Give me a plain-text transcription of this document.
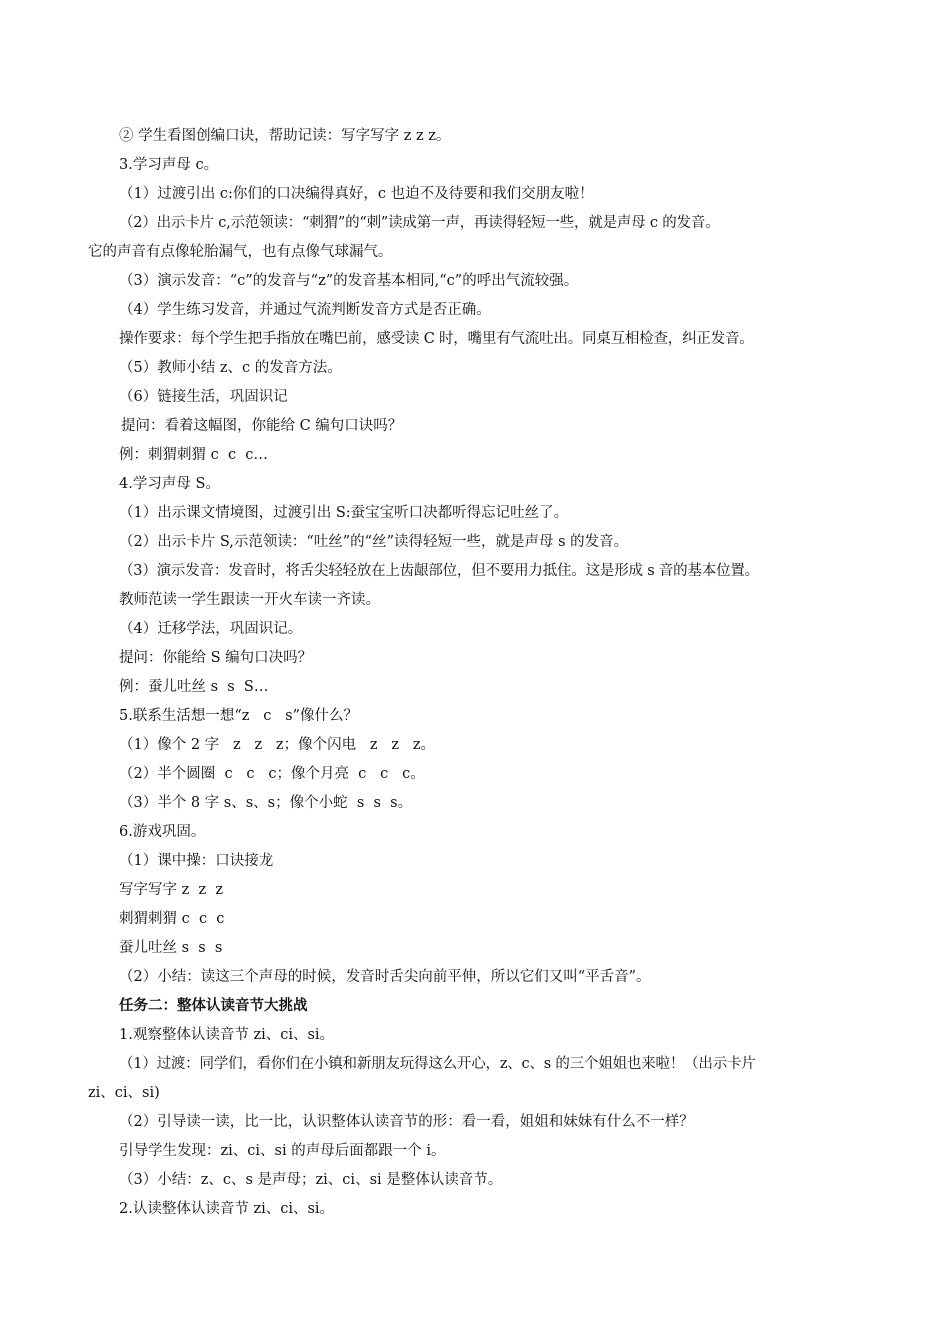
② 学生看图创编口诀，帮助记读：写字写字 z z z。
3.学习声母 c。
（1）过渡引出 c:你们的口决编得真好，c 也迫不及待要和我们交朋友啦！
（2）出示卡片 c,示范领读：“刺猬”的“刺”读成第一声，再读得轻短一些，就是声母 c 的发音。
它的声音有点像轮胎漏气，也有点像气球漏气。
（3）演示发音：“c”的发音与“z”的发音基本相同,“c”的呼出气流较强。
（4）学生练习发音，并通过气流判断发音方式是否正确。
操作要求：每个学生把手指放在嘴巴前，感受读 C 时，嘴里有气流吐出。同桌互相检查，纠正发音。
（5）教师小结 z、c 的发音方法。
（6）链接生活，巩固识记
提问：看着这幅图，你能给 C 编句口诀吗？
例：刺猬刺猬 c  c  c…
4.学习声母 S。
（1）出示课文情境图，过渡引出 S:蚕宝宝听口决都听得忘记吐丝了。
（2）出示卡片 S,示范领读：“吐丝”的“丝”读得轻短一些，就是声母 s 的发音。
（3）演示发音：发音时，将舌尖轻轻放在上齿龈部位，但不要用力抵住。这是形成 s 音的基本位置。
教师范读一学生跟读一开火车读一齐读。
（4）迁移学法，巩固识记。
提问：你能给 S 编句口决吗？
例：蚕儿吐丝 s  s  S…
5.联系生活想一想“z   c   s”像什么？
（1）像个 2 字   z   z   z；像个闪电   z   z   z。
（2）半个圆圈  c   c   c；像个月亮  c   c   c。
（3）半个 8 字 s、s、s；像个小蛇  s  s  s。
6.游戏巩固。
（1）课中操：口诀接龙
写字写字 z  z  z
刺猬刺猬 c  c  c
蚕儿吐丝 s  s  s
（2）小结：读这三个声母的时候，发音时舌尖向前平伸，所以它们又叫“平舌音”。
任务二：整体认读音节大挑战
1.观察整体认读音节 zi、ci、si。
（1）过渡：同学们，看你们在小镇和新朋友玩得这么开心，z、c、s 的三个姐姐也来啦！（出示卡片
zi、ci、si)
（2）引导读一读，比一比，认识整体认读音节的形：看一看，姐姐和妹妹有什么不一样？
引导学生发现：zi、ci、si 的声母后面都跟一个 i。
（3）小结：z、c、s 是声母；zi、ci、si 是整体认读音节。
2.认读整体认读音节 zi、ci、si。
